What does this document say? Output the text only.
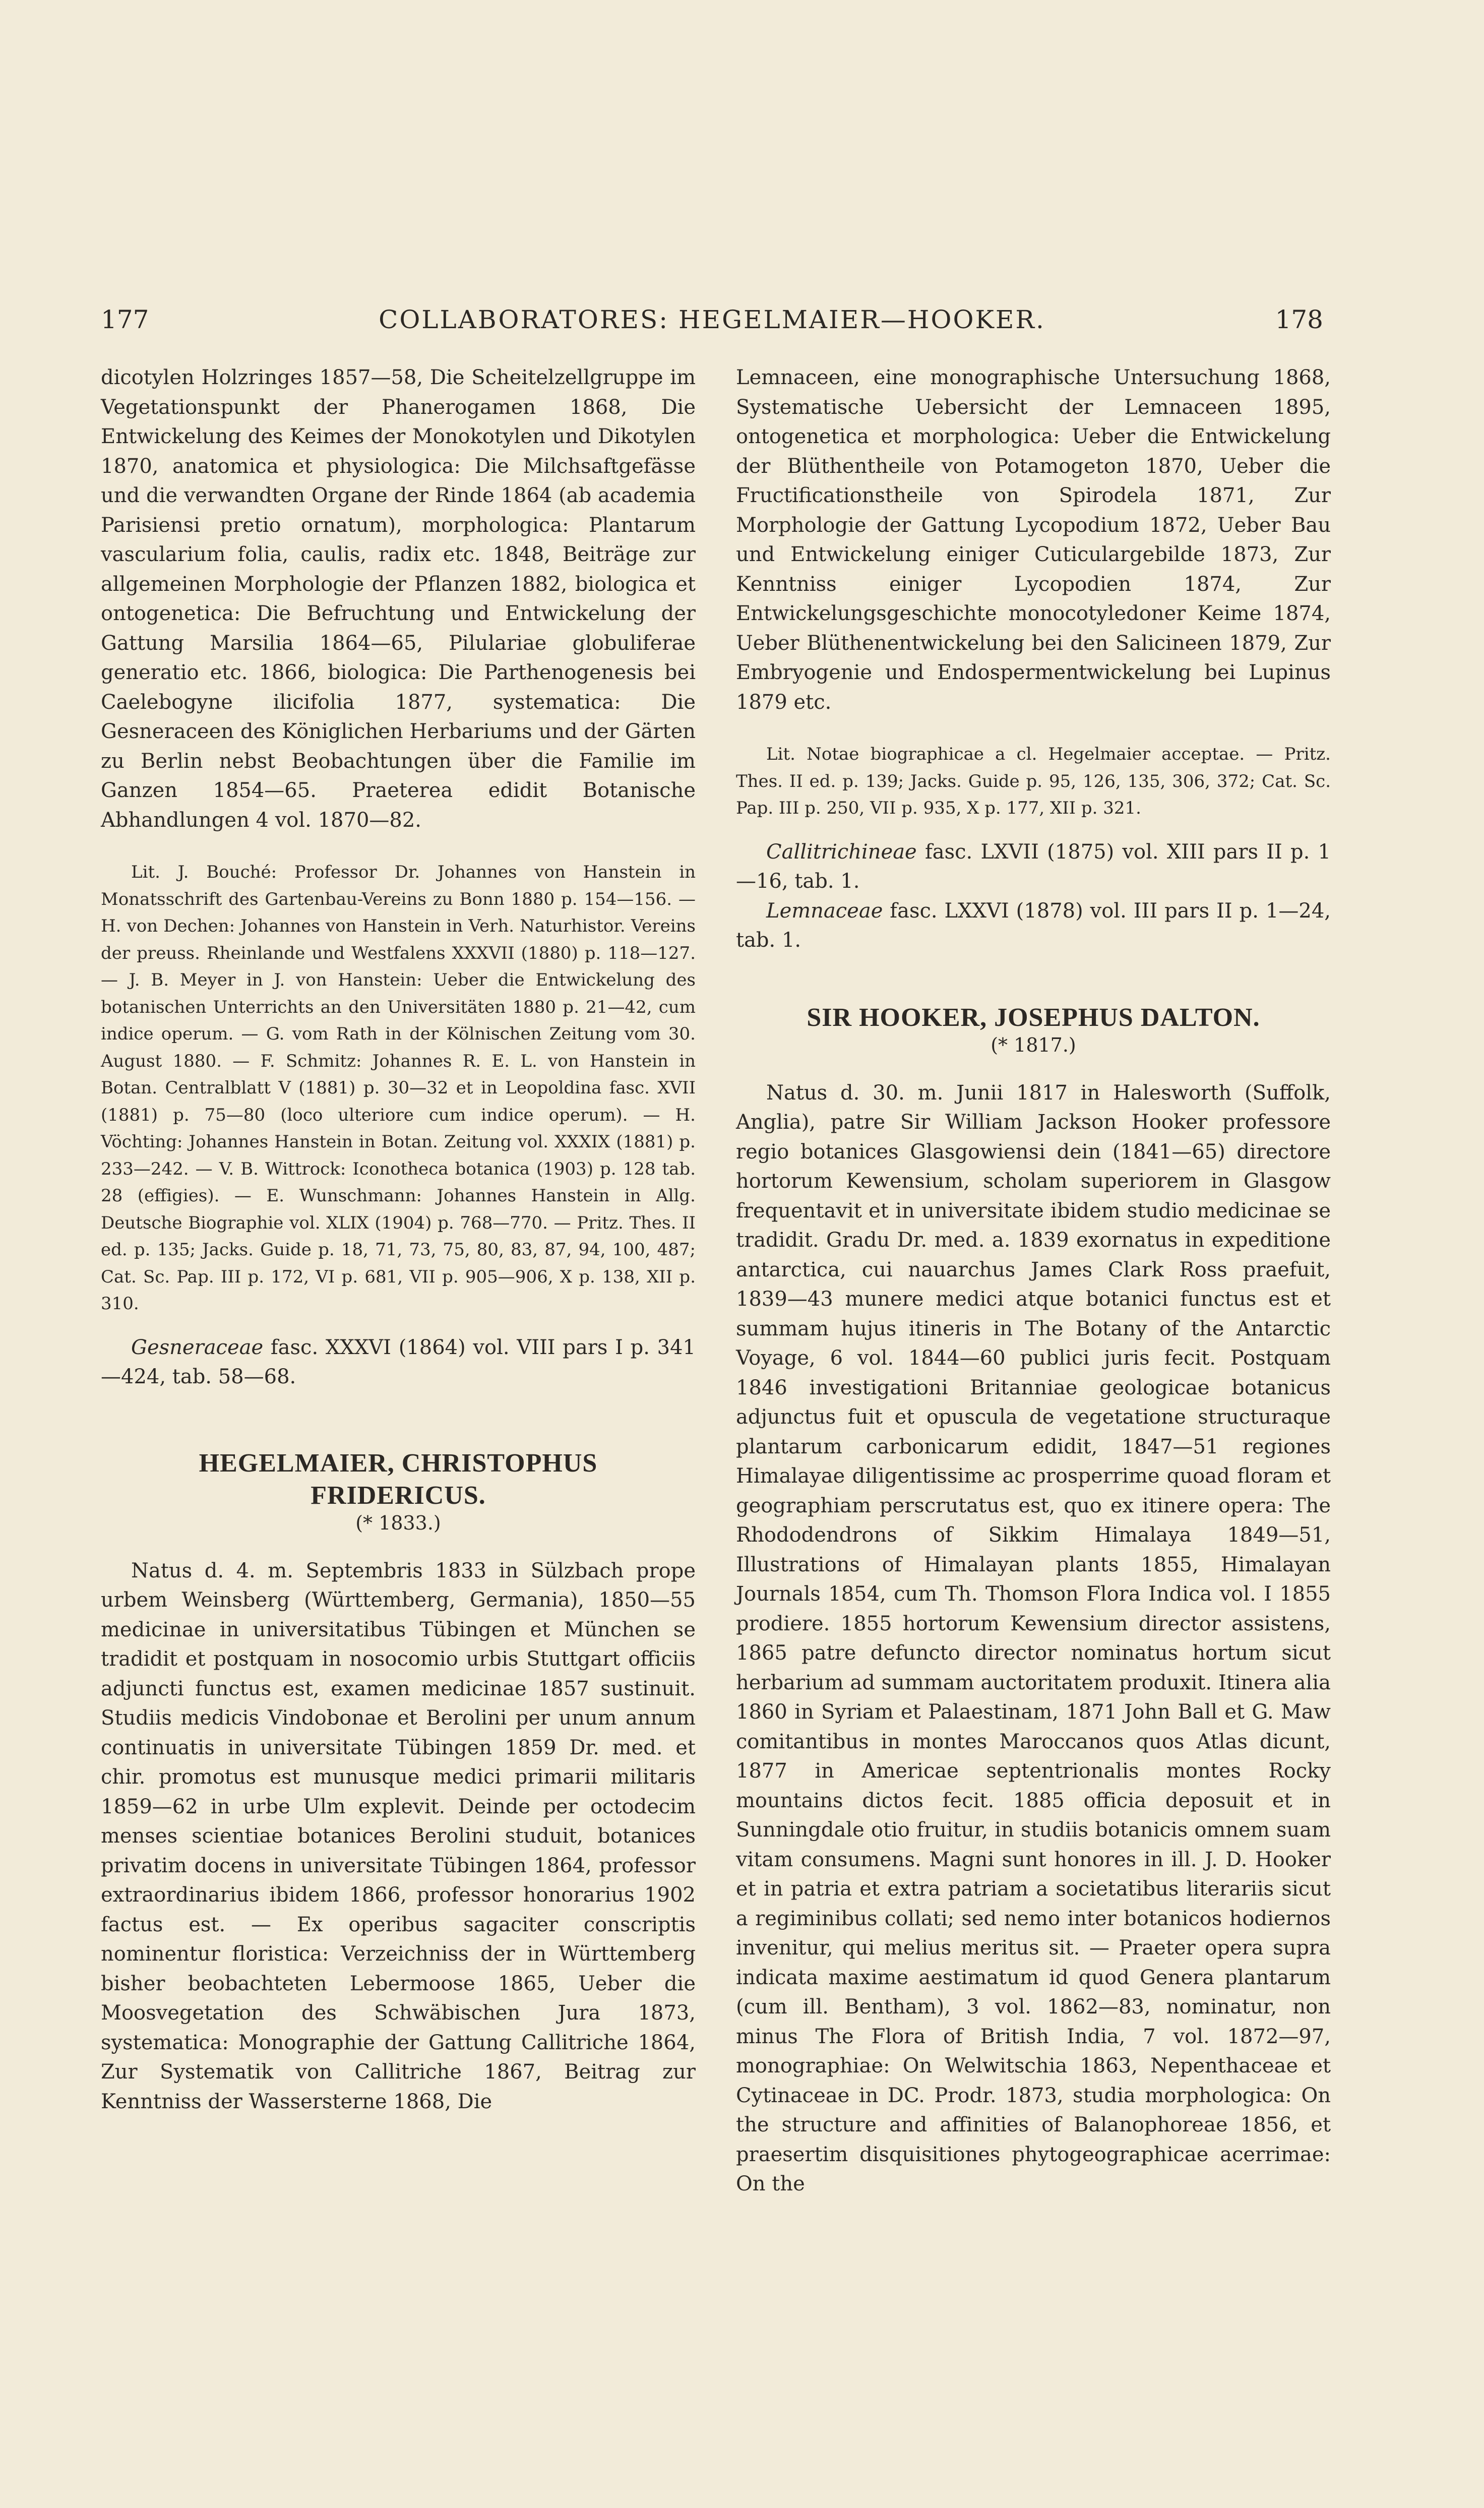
177	COLLABORATORES: HEGELMAIER—HOOKER.	178

dicotylen Holzringes 1857—58, Die Scheitelzellgruppe im Vegetationspunkt der Phanerogamen 1868, Die Entwickelung des Keimes der Monokotylen und Dikotylen 1870, anatomica et physiologica: Die Milchsaftgefässe und die verwandten Organe der Rinde 1864 (ab academia Parisiensi pretio ornatum), morphologica: Plantarum vascularium folia, caulis, radix etc. 1848, Beiträge zur allgemeinen Morphologie der Pflanzen 1882, biologica et ontogenetica: Die Befruchtung und Entwickelung der Gattung Marsilia 1864—65, Pilulariae globuliferae generatio etc. 1866, biologica: Die Parthenogenesis bei Caelebogyne ilicifolia 1877, systematica: Die Gesneraceen des Königlichen Herbariums und der Gärten zu Berlin nebst Beobachtungen über die Familie im Ganzen 1854—65. Praeterea edidit Botanische Abhandlungen 4 vol. 1870—82.

Lit. J. Bouché: Professor Dr. Johannes von Hanstein in Monatsschrift des Gartenbau-Vereins zu Bonn 1880 p. 154—156. — H. von Dechen: Johannes von Hanstein in Verh. Naturhistor. Vereins der preuss. Rheinlande und Westfalens XXXVII (1880) p. 118—127. — J. B. Meyer in J. von Hanstein: Ueber die Entwickelung des botanischen Unterrichts an den Universitäten 1880 p. 21—42, cum indice operum. — G. vom Rath in der Kölnischen Zeitung vom 30. August 1880. — F. Schmitz: Johannes R. E. L. von Hanstein in Botan. Centralblatt V (1881) p. 30—32 et in Leopoldina fasc. XVII (1881) p. 75—80 (loco ulteriore cum indice operum). — H. Vöchting: Johannes Hanstein in Botan. Zeitung vol. XXXIX (1881) p. 233—242. — V. B. Wittrock: Iconotheca botanica (1903) p. 128 tab. 28 (effigies). — E. Wunschmann: Johannes Hanstein in Allg. Deutsche Biographie vol. XLIX (1904) p. 768—770. — Pritz. Thes. II ed. p. 135; Jacks. Guide p. 18, 71, 73, 75, 80, 83, 87, 94, 100, 487; Cat. Sc. Pap. III p. 172, VI p. 681, VII p. 905—906, X p. 138, XII p. 310.

Gesneraceae fasc. XXXVI (1864) vol. VIII pars I p. 341—424, tab. 58—68.

HEGELMAIER, CHRISTOPHUS

FRIDERICUS.

(* 1833.)

Natus d. 4. m. Septembris 1833 in Sülzbach prope urbem Weinsberg (Württemberg, Germania), 1850—55 medicinae in universitatibus Tübingen et München se tradidit et postquam in nosocomio urbis Stuttgart officiis adjuncti functus est, examen medicinae 1857 sustinuit. Studiis medicis Vindobonae et Berolini per unum annum continuatis in universitate Tübingen 1859 Dr. med. et chir. promotus est munusque medici primarii militaris 1859—62 in urbe Ulm explevit. Deinde per octodecim menses scientiae botanices Berolini studuit, botanices privatim docens in universitate Tübingen 1864, professor extraordinarius ibidem 1866, professor honorarius 1902 factus est. — Ex operibus sagaciter conscriptis nominentur floristica: Verzeichniss der in Württemberg bisher beobachteten Lebermoose 1865, Ueber die Moosvegetation des Schwäbischen Jura 1873, systematica: Monographie der Gattung Callitriche 1864, Zur Systematik von Callitriche 1867, Beitrag zur Kenntniss der Wassersterne 1868, Die

Lemnaceen, eine monographische Untersuchung 1868, Systematische Uebersicht der Lemnaceen 1895, ontogenetica et morphologica: Ueber die Entwickelung der Blüthentheile von Potamogeton 1870, Ueber die Fructificationstheile von Spirodela 1871, Zur Morphologie der Gattung Lycopodium 1872, Ueber Bau und Entwickelung einiger Cuticulargebilde 1873, Zur Kenntniss einiger Lycopodien 1874, Zur Entwickelungsgeschichte monocotyledoner Keime 1874, Ueber Blüthenentwickelung bei den Salicineen 1879, Zur Embryogenie und Endospermentwickelung bei Lupinus 1879 etc.

Lit. Notae biographicae a cl. Hegelmaier acceptae. — Pritz. Thes. II ed. p. 139; Jacks. Guide p. 95, 126, 135, 306, 372; Cat. Sc. Pap. III p. 250, VII p. 935, X p. 177, XII p. 321.

Callitrichineae fasc. LXVII (1875) vol. XIII pars II p. 1—16, tab. 1.

Lemnaceae fasc. LXXVI (1878) vol. III pars II p. 1—24, tab. 1.

SIR HOOKER, JOSEPHUS DALTON.

(* 1817.)

Natus d. 30. m. Junii 1817 in Halesworth (Suffolk, Anglia), patre Sir William Jackson Hooker professore regio botanices Glasgowiensi dein (1841—65) directore hortorum Kewensium, scholam superiorem in Glasgow frequentavit et in universitate ibidem studio medicinae se tradidit. Gradu Dr. med. a. 1839 exornatus in expeditione antarctica, cui nauarchus James Clark Ross praefuit, 1839—43 munere medici atque botanici functus est et summam hujus itineris in The Botany of the Antarctic Voyage, 6 vol. 1844—60 publici juris fecit. Postquam 1846 investigationi Britanniae geologicae botanicus adjunctus fuit et opuscula de vegetatione structuraque plantarum carbonicarum edidit, 1847—51 regiones Himalayae diligentissime ac prosperrime quoad floram et geographiam perscrutatus est, quo ex itinere opera: The Rhododendrons of Sikkim Himalaya 1849—51, Illustrations of Himalayan plants 1855, Himalayan Journals 1854, cum Th. Thomson Flora Indica vol. I 1855 prodiere. 1855 hortorum Kewensium director assistens, 1865 patre defuncto director nominatus hortum sicut herbarium ad summam auctoritatem produxit. Itinera alia 1860 in Syriam et Palaestinam, 1871 John Ball et G. Maw comitantibus in montes Maroccanos quos Atlas dicunt, 1877 in Americae septentrionalis montes Rocky mountains dictos fecit. 1885 officia deposuit et in Sunningdale otio fruitur, in studiis botanicis omnem suam vitam consumens. Magni sunt honores in ill. J. D. Hooker et in patria et extra patriam a societatibus literariis sicut a regiminibus collati; sed nemo inter botanicos hodiernos invenitur, qui melius meritus sit. — Praeter opera supra indicata maxime aestimatum id quod Genera plantarum (cum ill. Bentham), 3 vol. 1862—83, nominatur, non minus The Flora of British India, 7 vol. 1872—97, monographiae: On Welwitschia 1863, Nepenthaceae et Cytinaceae in DC. Prodr. 1873, studia morphologica: On the structure and affinities of Balanophoreae 1856, et praesertim disquisitiones phytogeographicae acerrimae: On the
